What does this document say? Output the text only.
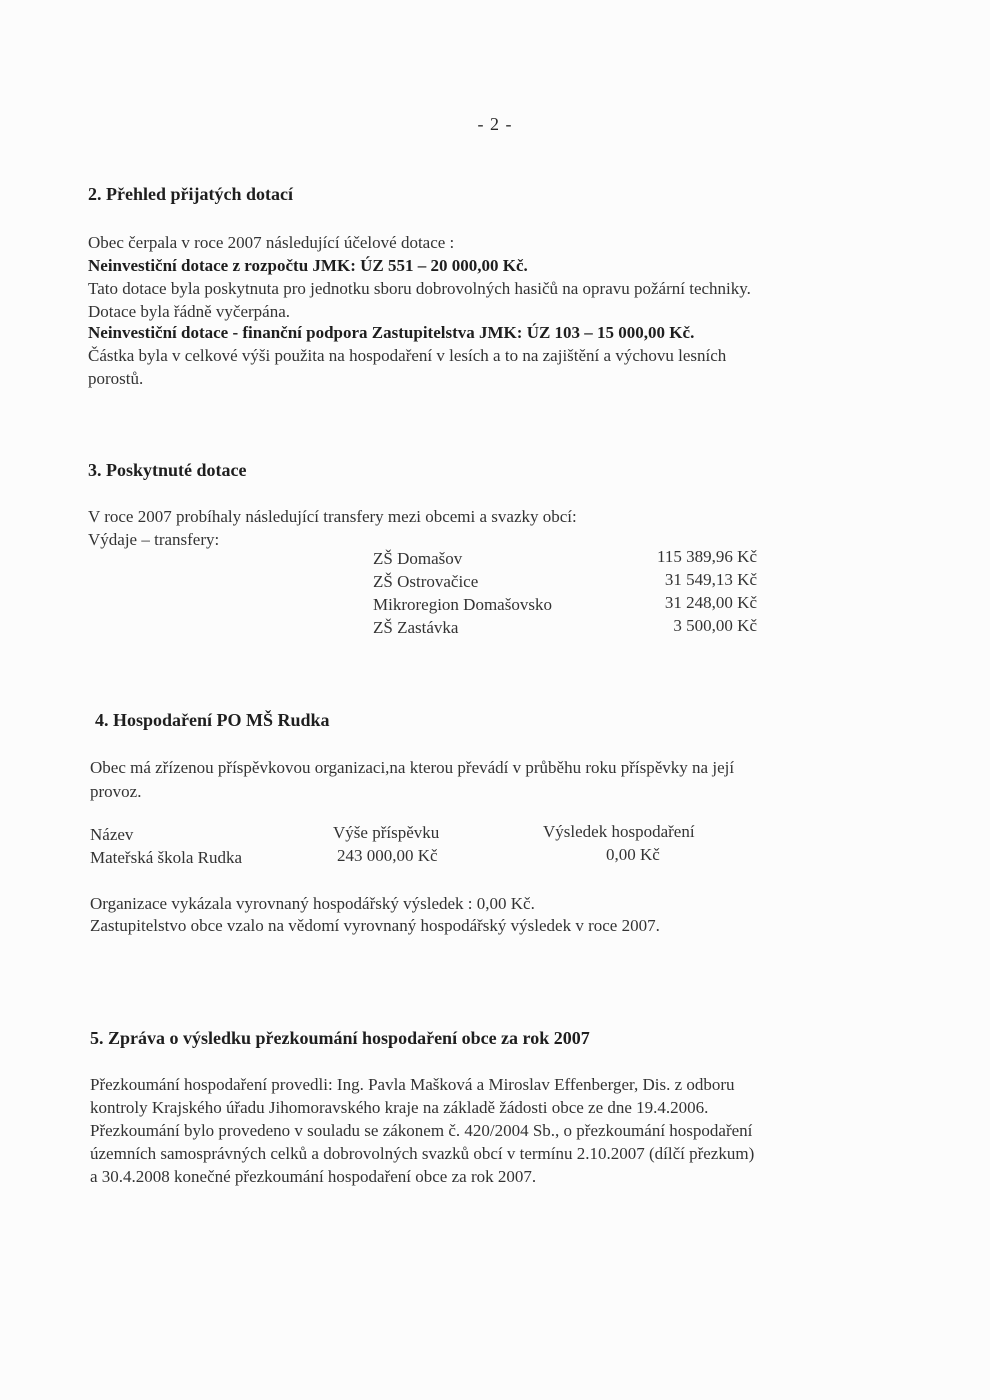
- 2 -
2. Přehled přijatých dotací
Obec čerpala v roce 2007 následující účelové dotace :
Neinvestiční dotace z rozpočtu JMK: ÚZ 551 – 20 000,00 Kč.
Tato dotace byla poskytnuta pro jednotku sboru dobrovolných hasičů na opravu požární techniky.
Dotace byla řádně vyčerpána.
Neinvestiční dotace - finanční podpora Zastupitelstva JMK: ÚZ 103 – 15 000,00 Kč.
Částka byla v celkové výši použita na hospodaření v lesích a to na zajištění a výchovu lesních
porostů.
3. Poskytnuté dotace
V roce 2007 probíhaly následující transfery mezi obcemi a svazky obcí:
Výdaje – transfery:
ZŠ Domašov	115 389,96 Kč
ZŠ Ostrovačice	31 549,13 Kč
Mikroregion Domašovsko	31 248,00 Kč
ZŠ Zastávka	3 500,00 Kč
4. Hospodaření PO MŠ Rudka
Obec má zřízenou příspěvkovou organizaci,na kterou převádí v průběhu roku příspěvky na její
provoz.
Název	Výše příspěvku	Výsledek hospodaření
Mateřská škola Rudka	243 000,00 Kč	0,00 Kč
Organizace vykázala vyrovnaný hospodářský výsledek : 0,00 Kč.
Zastupitelstvo obce vzalo na vědomí vyrovnaný hospodářský výsledek v roce 2007.
5. Zpráva o výsledku přezkoumání hospodaření obce za rok 2007
Přezkoumání hospodaření provedli: Ing. Pavla Mašková a Miroslav Effenberger, Dis. z odboru
kontroly Krajského úřadu Jihomoravského kraje na základě žádosti obce ze dne 19.4.2006.
Přezkoumání bylo provedeno v souladu se zákonem č. 420/2004 Sb., o přezkoumání hospodaření
územních samosprávných celků a dobrovolných svazků obcí v termínu 2.10.2007 (dílčí přezkum)
a 30.4.2008 konečné přezkoumání hospodaření obce za rok 2007.
